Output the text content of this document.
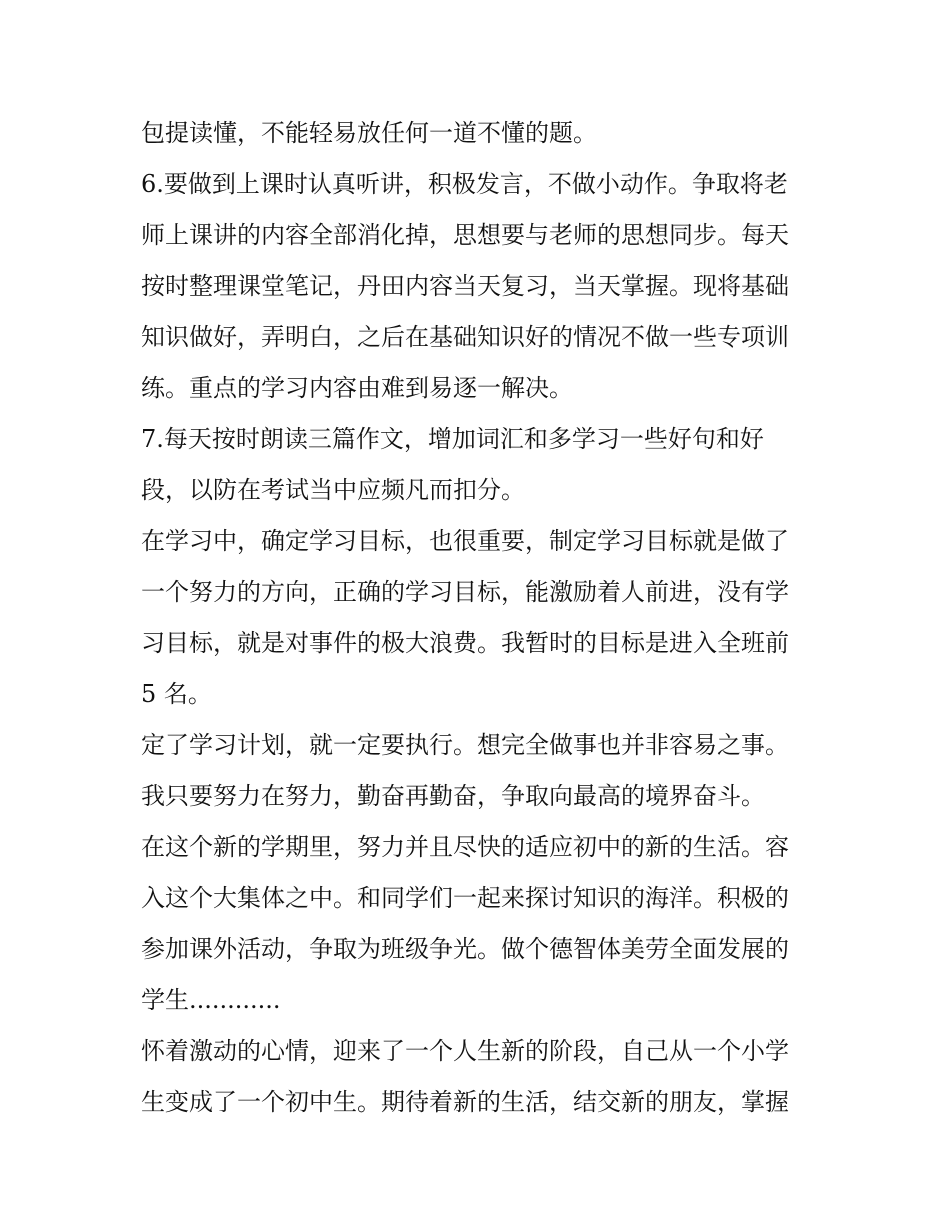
包提读懂，不能轻易放任何一道不懂的题。
6.要做到上课时认真听讲，积极发言，不做小动作。争取将老
师上课讲的内容全部消化掉，思想要与老师的思想同步。每天
按时整理课堂笔记，丹田内容当天复习，当天掌握。现将基础
知识做好，弄明白，之后在基础知识好的情况不做一些专项训
练。重点的学习内容由难到易逐一解决。
7.每天按时朗读三篇作文，增加词汇和多学习一些好句和好
段，以防在考试当中应频凡而扣分。
在学习中，确定学习目标，也很重要，制定学习目标就是做了
一个努力的方向，正确的学习目标，能激励着人前进，没有学
习目标，就是对事件的极大浪费。我暂时的目标是进入全班前
5 名。
定了学习计划，就一定要执行。想完全做事也并非容易之事。
我只要努力在努力，勤奋再勤奋，争取向最高的境界奋斗。
在这个新的学期里，努力并且尽快的适应初中的新的生活。容
入这个大集体之中。和同学们一起来探讨知识的海洋。积极的
参加课外活动，争取为班级争光。做个德智体美劳全面发展的
学生............
怀着激动的心情，迎来了一个人生新的阶段，自己从一个小学
生变成了一个初中生。期待着新的生活，结交新的朋友，掌握
